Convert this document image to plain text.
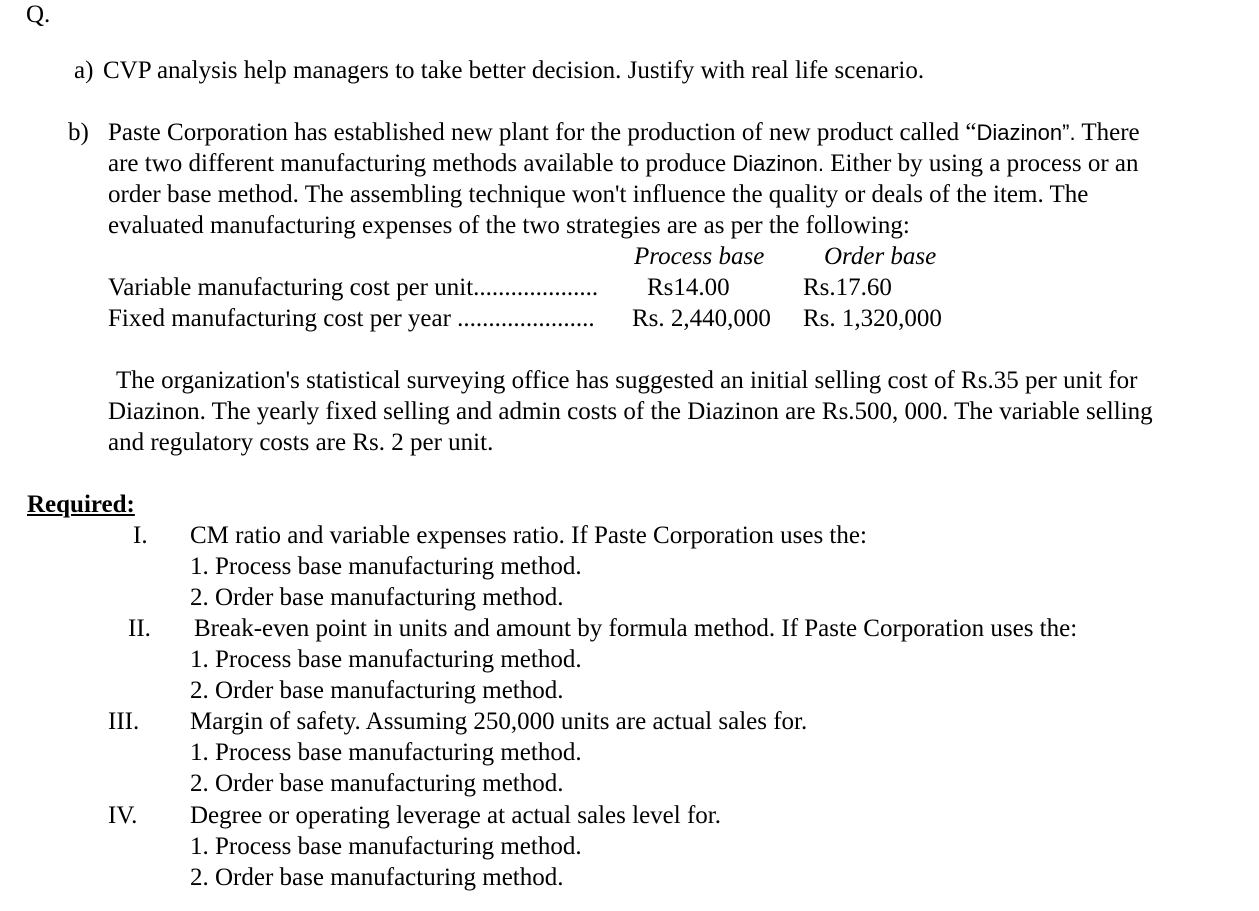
Q.
a) CVP analysis help managers to take better decision. Justify with real life scenario.
b) Paste Corporation has established new plant for the production of new product called “Diazinon”. There
are two different manufacturing methods available to produce Diazinon. Either by using a process or an
order base method. The assembling technique won't influence the quality or deals of the item. The
evaluated manufacturing expenses of the two strategies are as per the following:
Process base Order base
Variable manufacturing cost per unit.................... Rs14.00	Rs.17.60
Fixed manufacturing cost per year ...................... Rs. 2,440,000 Rs. 1,320,000
The organization's statistical surveying office has suggested an initial selling cost of Rs.35 per unit for
Diazinon. The yearly fixed selling and admin costs of the Diazinon are Rs.500, 000. The variable selling
and regulatory costs are Rs. 2 per unit.
Required:
I. CM ratio and variable expenses ratio. If Paste Corporation uses the:
1. Process base manufacturing method.
2. Order base manufacturing method.
II. Break-even point in units and amount by formula method. If Paste Corporation uses the:
1. Process base manufacturing method.
2. Order base manufacturing method.
III. Margin of safety. Assuming 250,000 units are actual sales for.
1. Process base manufacturing method.
2. Order base manufacturing method.
IV. Degree or operating leverage at actual sales level for.
1. Process base manufacturing method.
2. Order base manufacturing method.
